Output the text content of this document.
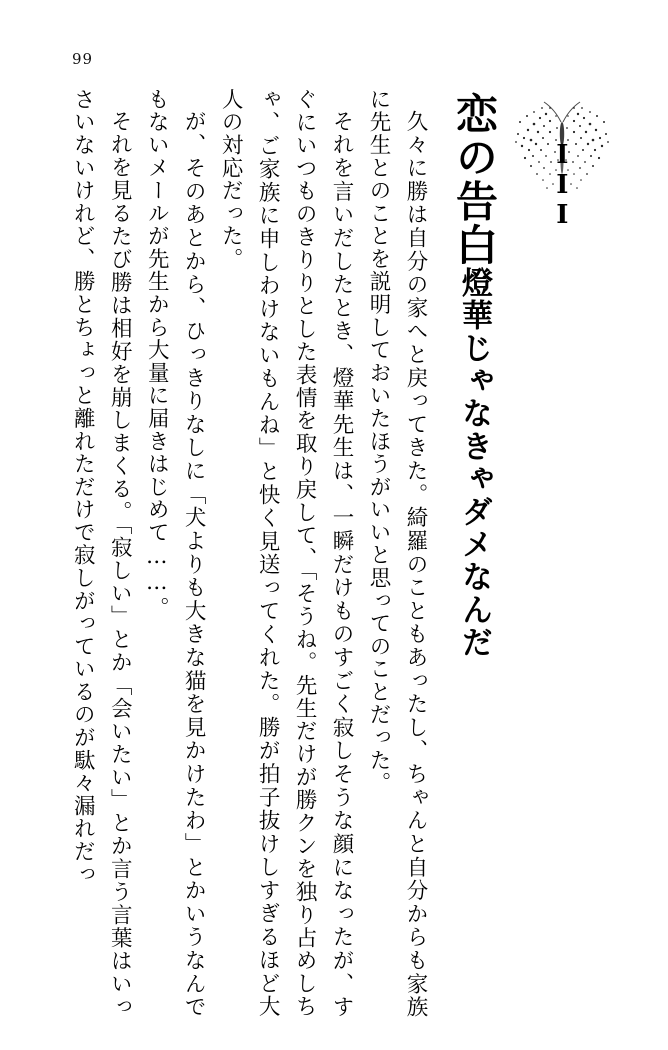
99
III
恋の告白燈華じゃなきゃダメなんだ

久々に勝は自分の家へと戻ってきた。綺羅のこともあったし、ちゃんと自分からも家族に先生とのことを説明しておいたほうがいいと思ってのことだった。

それを言いだしたとき、燈華先生は、一瞬だけものすごく寂しそうな顔になったが、すぐにいつものきりりとした表情を取り戻して、「そうね。先生だけが勝クンを独り占めしちゃ、ご家族に申しわけないもんね」と快く見送ってくれた。勝が拍子抜けしすぎるほど大人の対応だった。

が、そのあとから、ひっきりなしに「犬よりも大きな猫を見かけたわ」とかいうなんでもないメールが先生から大量に届きはじめて……。

それを見るたび勝は相好を崩しまくる。「寂しい」とか「会いたい」とか言う言葉はいっさいないけれど、勝とちょっと離れただけで寂しがっているのが駄々漏れだっ
